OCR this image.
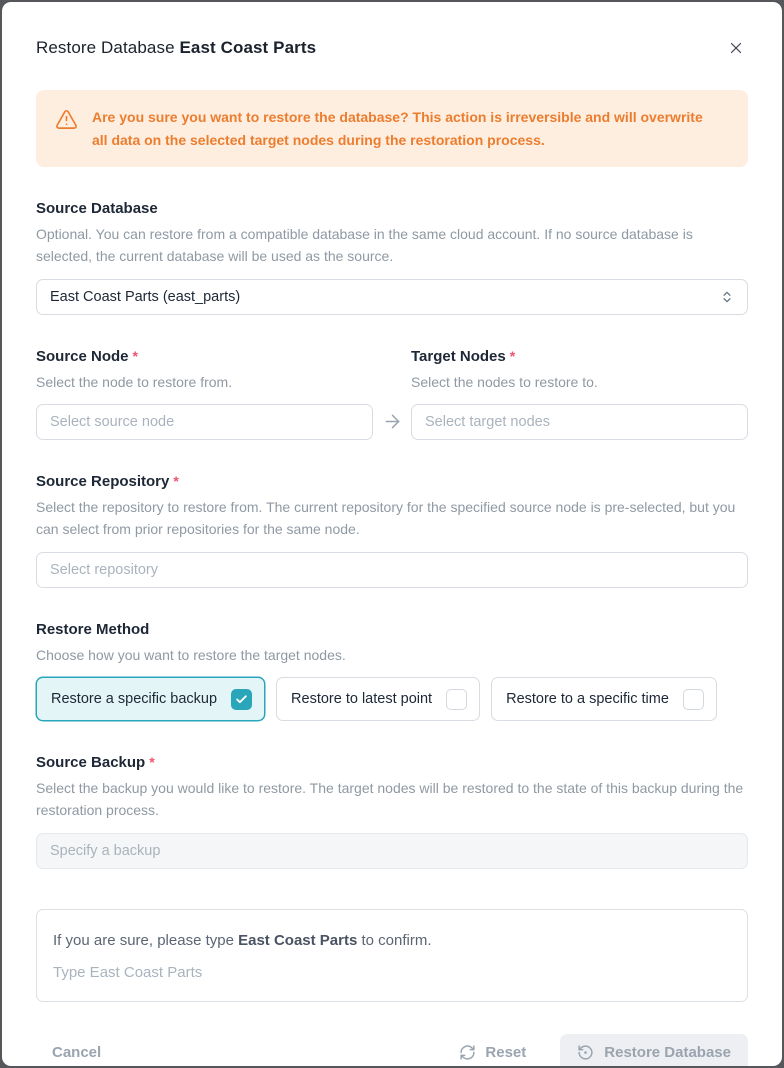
Restore Database East Coast Parts
Are you sure you want to restore the database? This action is irreversible and will overwrite all data on the selected target nodes during the restoration process.
Source Database
Optional. You can restore from a compatible database in the same cloud account. If no source database is selected, the current database will be used as the source.
East Coast Parts (east_parts)
Source Node *
Select the node to restore from.
Select source node
Target Nodes *
Select the nodes to restore to.
Select target nodes
Source Repository *
Select the repository to restore from. The current repository for the specified source node is pre-selected, but you can select from prior repositories for the same node.
Select repository
Restore Method
Choose how you want to restore the target nodes.
Restore a specific backup	Restore to latest point	Restore to a specific time
Source Backup *
Select the backup you would like to restore. The target nodes will be restored to the state of this backup during the restoration process.
Specify a backup
If you are sure, please type East Coast Parts to confirm.
Type East Coast Parts
Cancel	Reset	Restore Database
